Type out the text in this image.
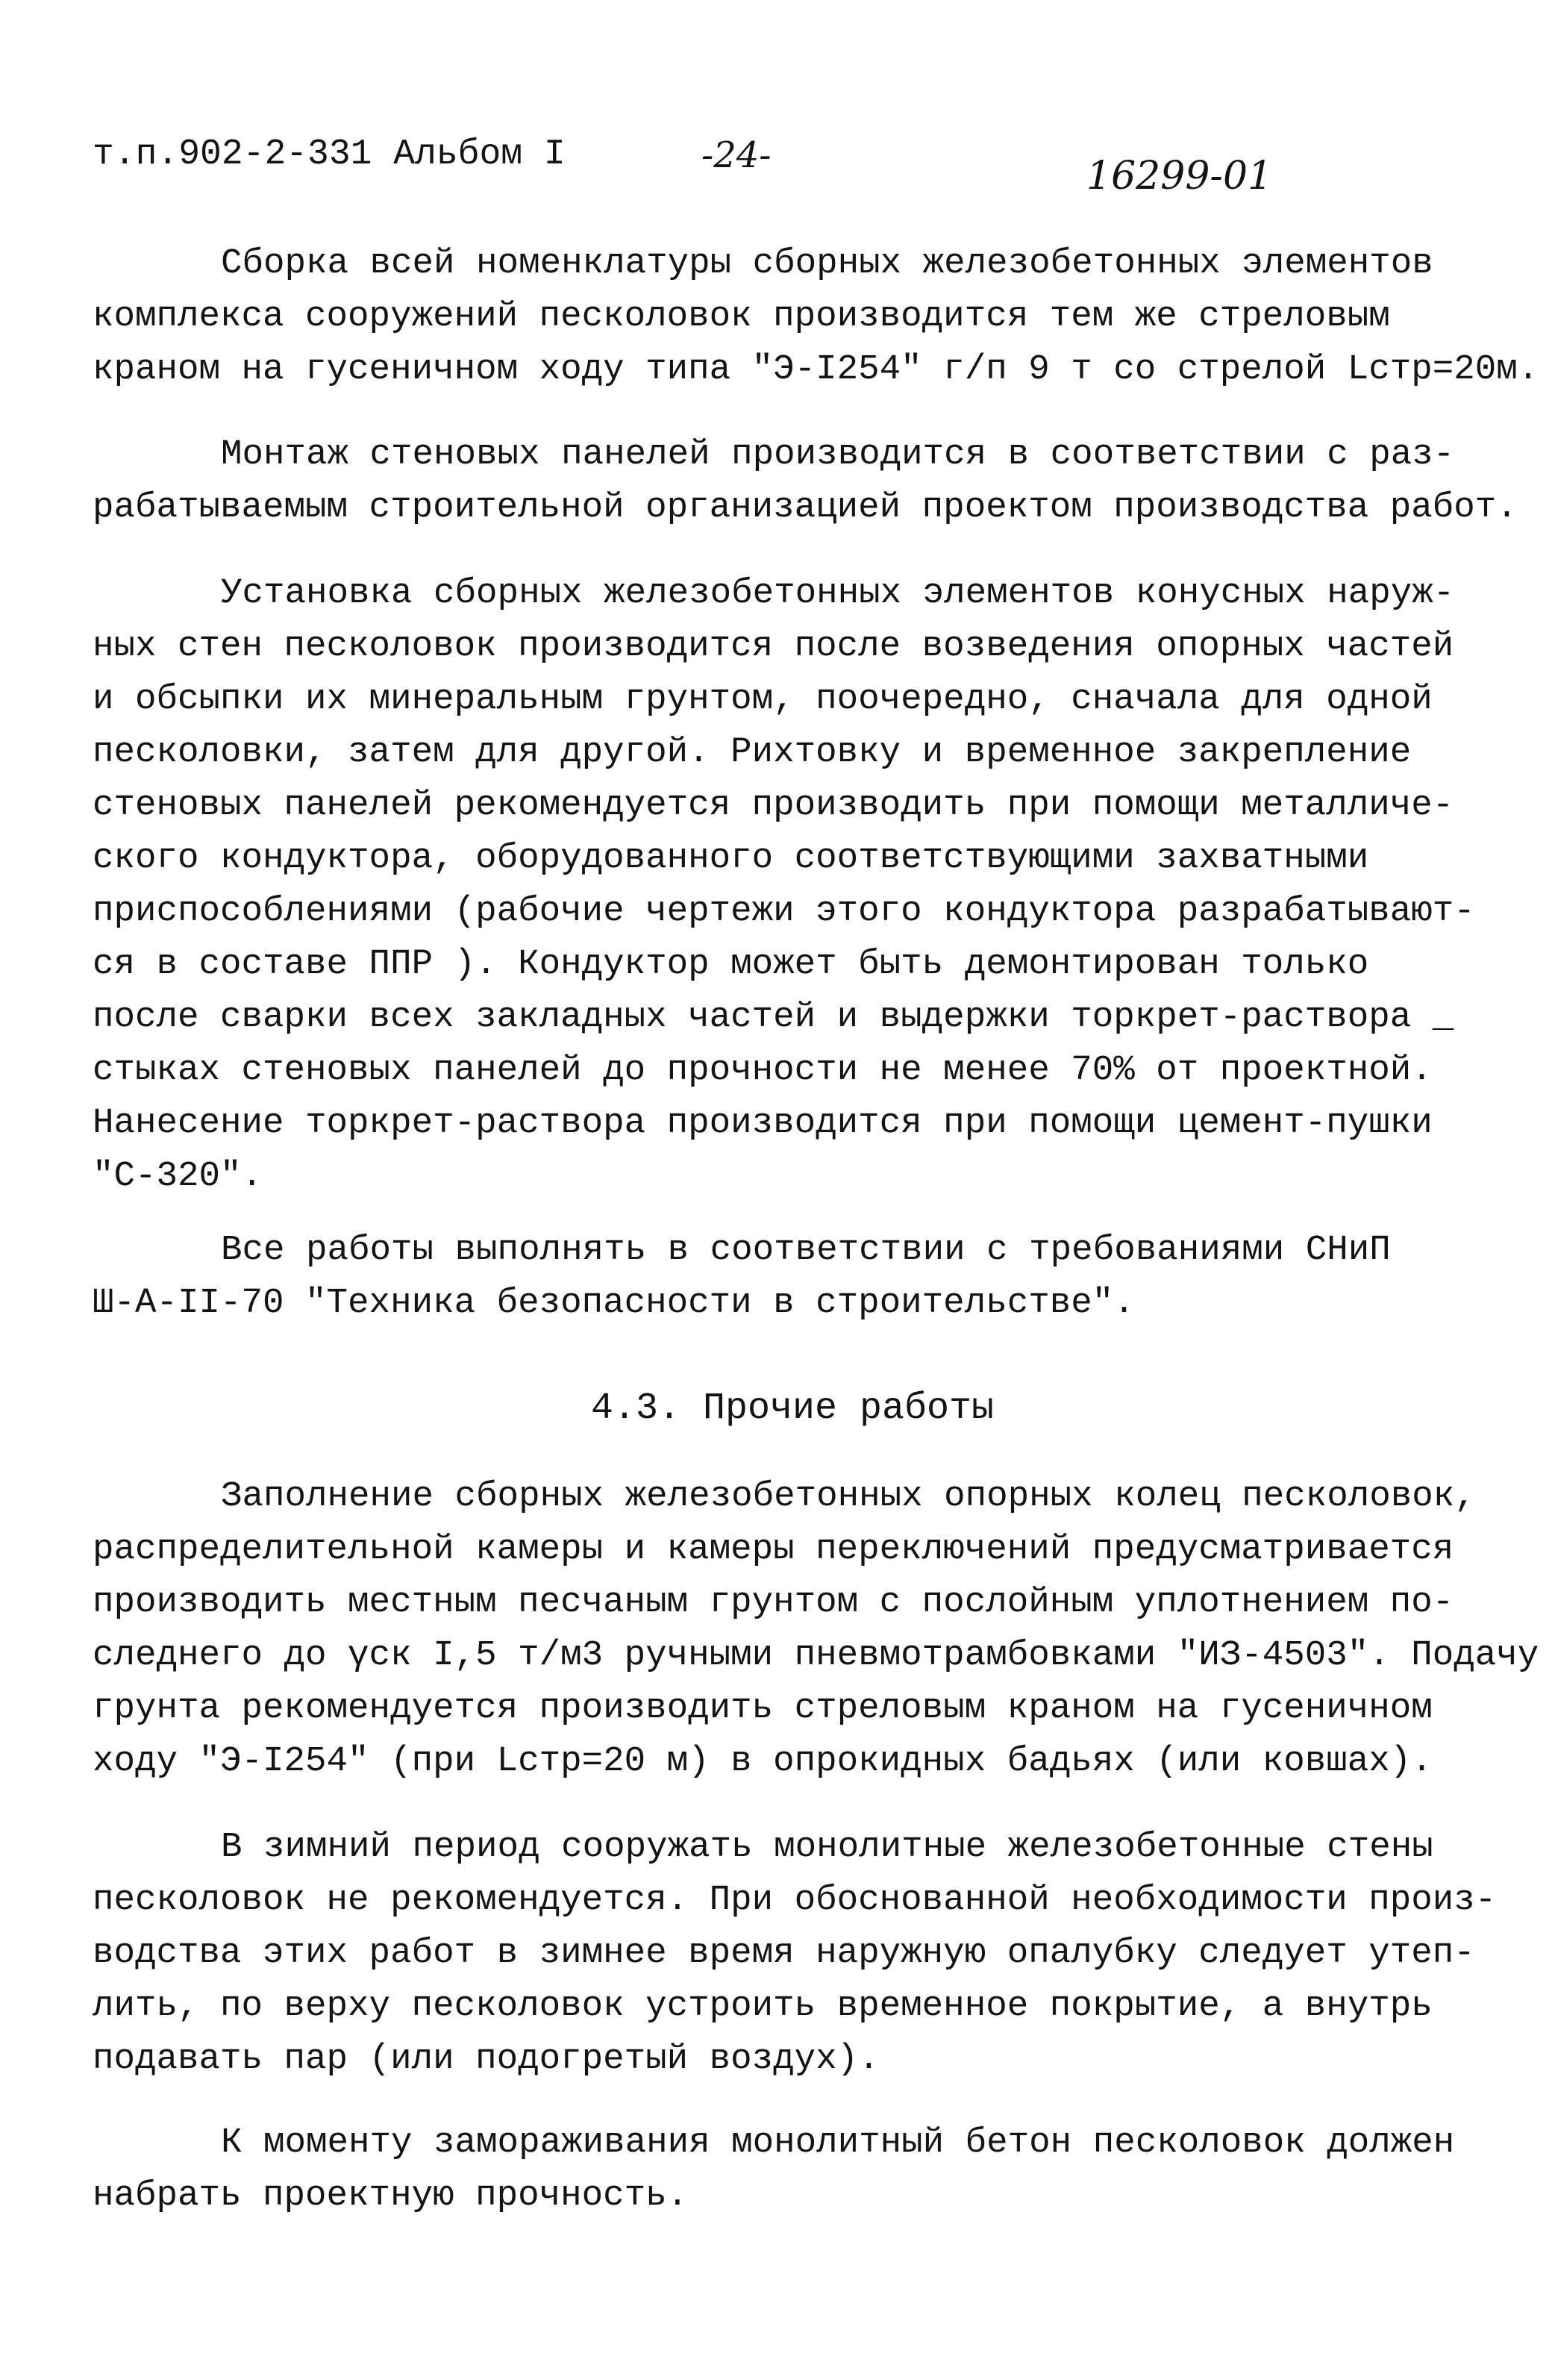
т.п.902-2-331 Альбом I	-24-	16299-01

Сборка всей номенклатуры сборных железобетонных элементов
комплекса сооружений песколовок производится тем же стреловым
краном на гусеничном ходу типа "Э-I254" г/п 9 т со стрелой Lстр=20м.

Монтаж стеновых панелей производится в соответствии с раз-
рабатываемым строительной организацией проектом производства работ.

Установка сборных железобетонных элементов конусных наруж-
ных стен песколовок производится после возведения опорных частей
и обсыпки их минеральным грунтом, поочередно, сначала для одной
песколовки, затем для другой. Рихтовку и временное закрепление
стеновых панелей рекомендуется производить при помощи металличе-
ского кондуктора, оборудованного соответствующими захватными
приспособлениями (рабочие чертежи этого кондуктора разрабатывают-
ся в составе ППР ). Кондуктор может быть демонтирован только
после сварки всех закладных частей и выдержки торкрет-раствора _
стыках стеновых панелей до прочности не менее 70% от проектной.
Нанесение торкрет-раствора производится при помощи цемент-пушки
"С-320".

Все работы выполнять в соответствии с требованиями СНиП
Ш-А-II-70 "Техника безопасности в строительстве".

4.3. Прочие работы

Заполнение сборных железобетонных опорных колец песколовок,
распределительной камеры и камеры переключений предусматривается
производить местным песчаным грунтом с послойным уплотнением по-
следнего до γск I,5 т/м3 ручными пневмотрамбовками "ИЗ-4503". Подачу
грунта рекомендуется производить стреловым краном на гусеничном
ходу "Э-I254" (при Lстр=20 м) в опрокидных бадьях (или ковшах).

В зимний период сооружать монолитные железобетонные стены
песколовок не рекомендуется. При обоснованной необходимости произ-
водства этих работ в зимнее время наружную опалубку следует утеп-
лить, по верху песколовок устроить временное покрытие, а внутрь
подавать пар (или подогретый воздух).

К моменту замораживания монолитный бетон песколовок должен
набрать проектную прочность.
